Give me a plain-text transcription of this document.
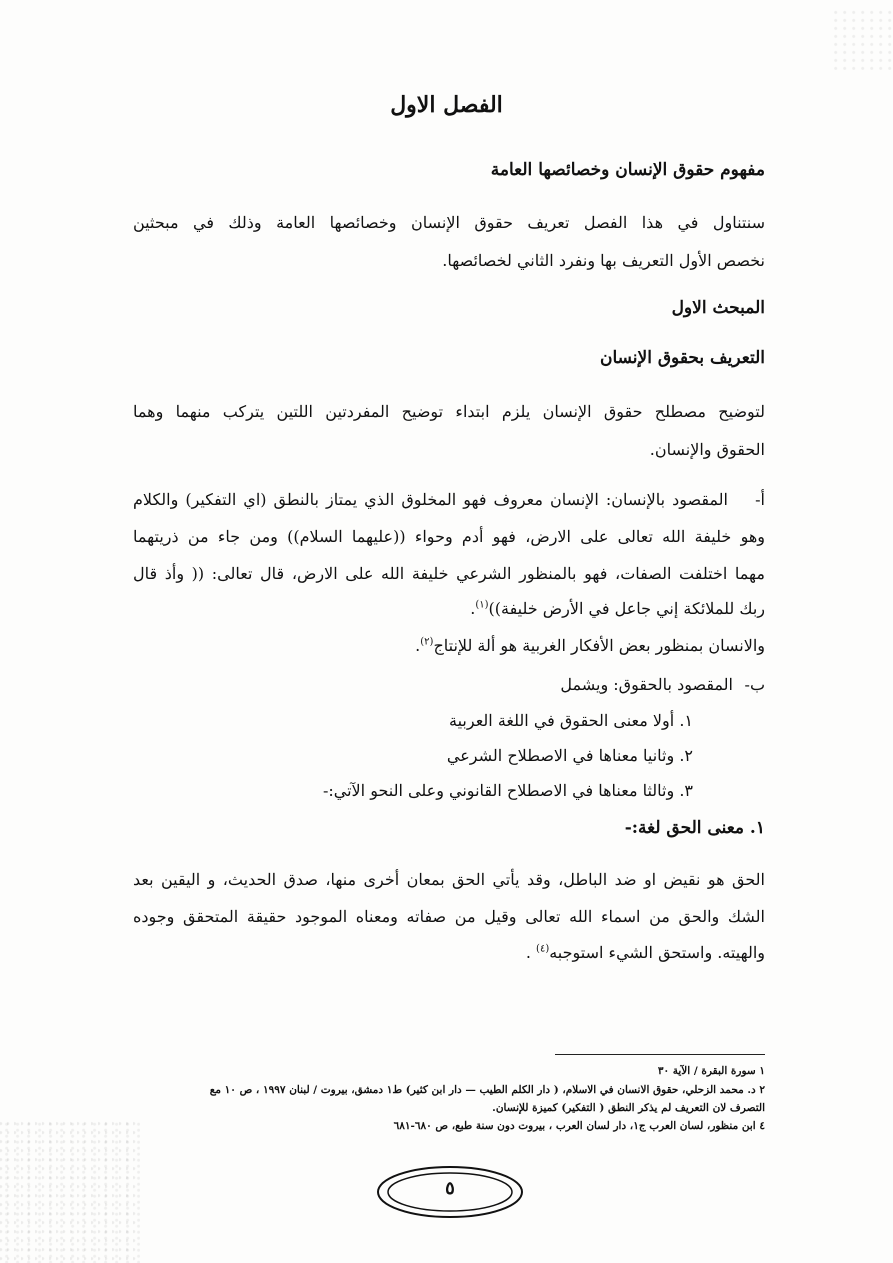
الفصل الاول
مفهوم حقوق الإنسان وخصائصها العامة
سنتناول في هذا الفصل تعريف حقوق الإنسان وخصائصها العامة وذلك في مبحثين
نخصص الأول التعريف بها ونفرد الثاني لخصائصها.
المبحث الاول
التعريف بحقوق الإنسان
لتوضيح مصطلح حقوق الإنسان يلزم ابتداء توضيح المفردتين اللتين يتركب منهما وهما
الحقوق والإنسان.
أ-
المقصود بالإنسان: الإنسان معروف فهو المخلوق الذي يمتاز بالنطق (اي التفكير) والكلام
وهو خليفة الله تعالى على الارض، فهو أدم وحواء ((عليهما السلام)) ومن جاء من ذريتهما
مهما اختلفت الصفات، فهو بالمنظور الشرعي خليفة الله على الارض، قال تعالى: (( وأذ قال
ربك للملائكة إني جاعل في الأرض خليفة))$^{(١)}$.
والانسان بمنظور بعض الأفكار الغربية هو ألة للإنتاج$^{(٢)}$.
ب-
المقصود بالحقوق: ويشمل
١. أولا معنى الحقوق في اللغة العربية
٢. وثانيا معناها في الاصطلاح الشرعي
٣. وثالثا معناها في الاصطلاح القانوني وعلى النحو الآتي:-
١. معنى الحق لغة:-
الحق هو نقيض او ضد الباطل، وقد يأتي الحق بمعان أخرى منها، صدق الحديث، و اليقين بعد
الشك والحق من اسماء الله تعالى وقيل من صفاته ومعناه الموجود حقيقة المتحقق وجوده
والهيته. واستحق الشيء استوجبه$^{(٤)}$ .
١ سورة البقرة / الآية ٣٠
٢ د. محمد الزحلي، حقوق الانسان في الاسلام، ( دار الكلم الطيب — دار ابن كثير) ط١ دمشق، بيروت / لبنان ١٩٩٧ ، ص ١٠ مع
التصرف لان التعريف لم يذكر النطق ( التفكير) كميزة للإنسان.
٤ ابن منظور، لسان العرب ج١، دار لسان العرب ، بيروت دون سنة طبع، ص ٦٨٠-٦٨١
٥
